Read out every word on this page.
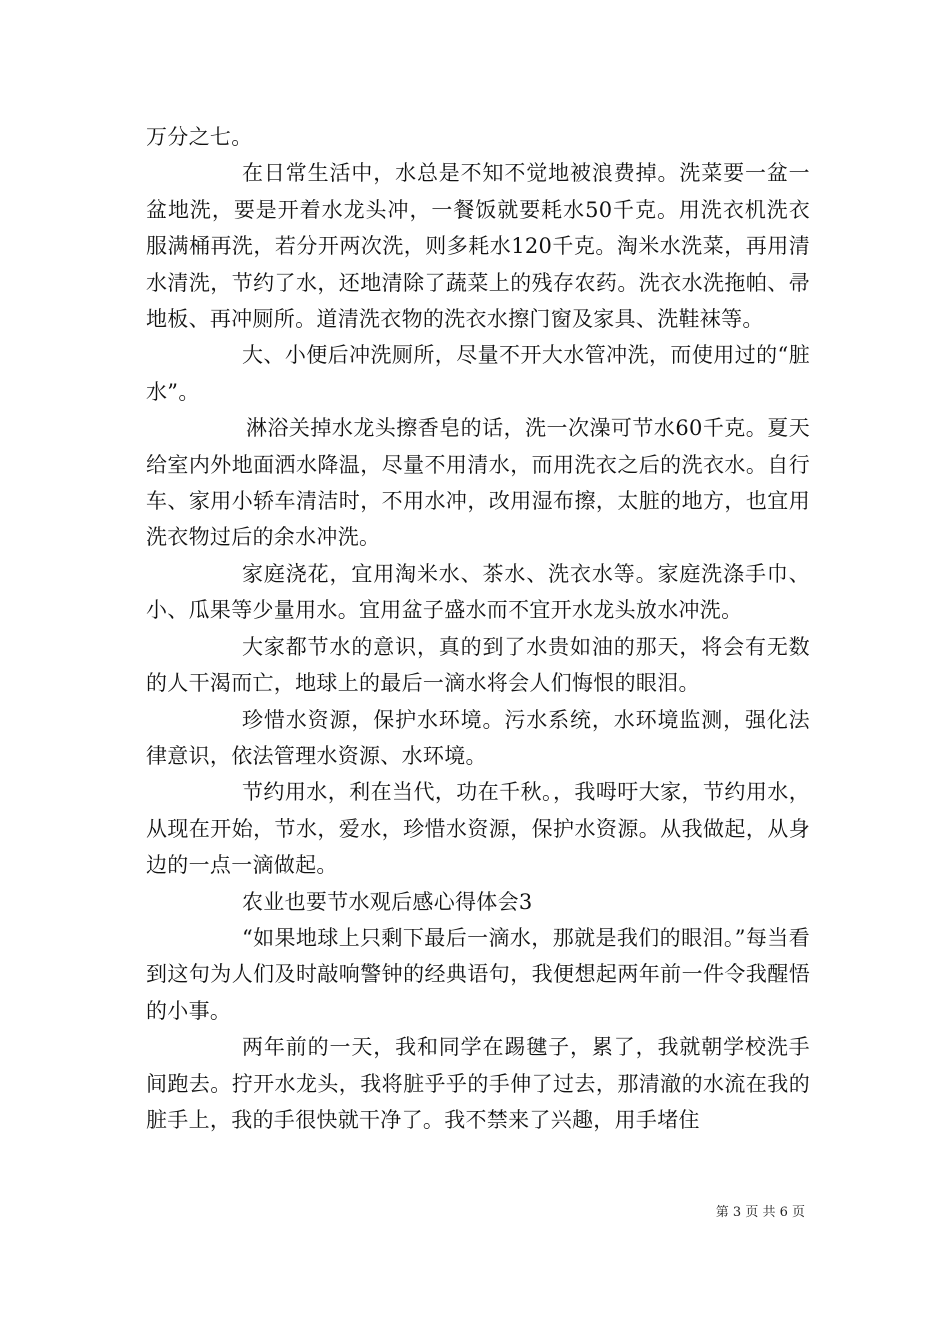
万分之七。

在日常生活中，水总是不知不觉地被浪费掉。洗菜要一盆一盆地洗，要是开着水龙头冲，一餐饭就要耗水50千克。用洗衣机洗衣服满桶再洗，若分开两次洗，则多耗水120千克。淘米水洗菜，再用清水清洗，节约了水，还地清除了蔬菜上的残存农药。洗衣水洗拖帕、帚地板、再冲厕所。道清洗衣物的洗衣水擦门窗及家具、洗鞋袜等。

大、小便后冲洗厕所，尽量不开大水管冲洗，而使用过的“脏水”。

淋浴关掉水龙头擦香皂的话，洗一次澡可节水60千克。夏天给室内外地面洒水降温，尽量不用清水，而用洗衣之后的洗衣水。自行车、家用小轿车清洁时，不用水冲，改用湿布擦，太脏的地方，也宜用洗衣物过后的余水冲洗。

家庭浇花，宜用淘米水、茶水、洗衣水等。家庭洗涤手巾、小、瓜果等少量用水。宜用盆子盛水而不宜开水龙头放水冲洗。

大家都节水的意识，真的到了水贵如油的那天，将会有无数的人干渴而亡，地球上的最后一滴水将会人们悔恨的眼泪。

珍惜水资源，保护水环境。污水系统，水环境监测，强化法律意识，依法管理水资源、水环境。

节约用水，利在当代，功在千秋。，我呣吁大家，节约用水，从现在开始，节水，爱水，珍惜水资源，保护水资源。从我做起，从身边的一点一滴做起。

农业也要节水观后感心得体会3

“如果地球上只剩下最后一滴水，那就是我们的眼泪。”每当看到这句为人们及时敲响警钟的经典语句，我便想起两年前一件令我醒悟的小事。

两年前的一天，我和同学在踢毽子，累了，我就朝学校洗手间跑去。拧开水龙头，我将脏乎乎的手伸了过去，那清澈的水流在我的脏手上，我的手很快就干净了。我不禁来了兴趣，用手堵住

第 3 页 共 6 页
